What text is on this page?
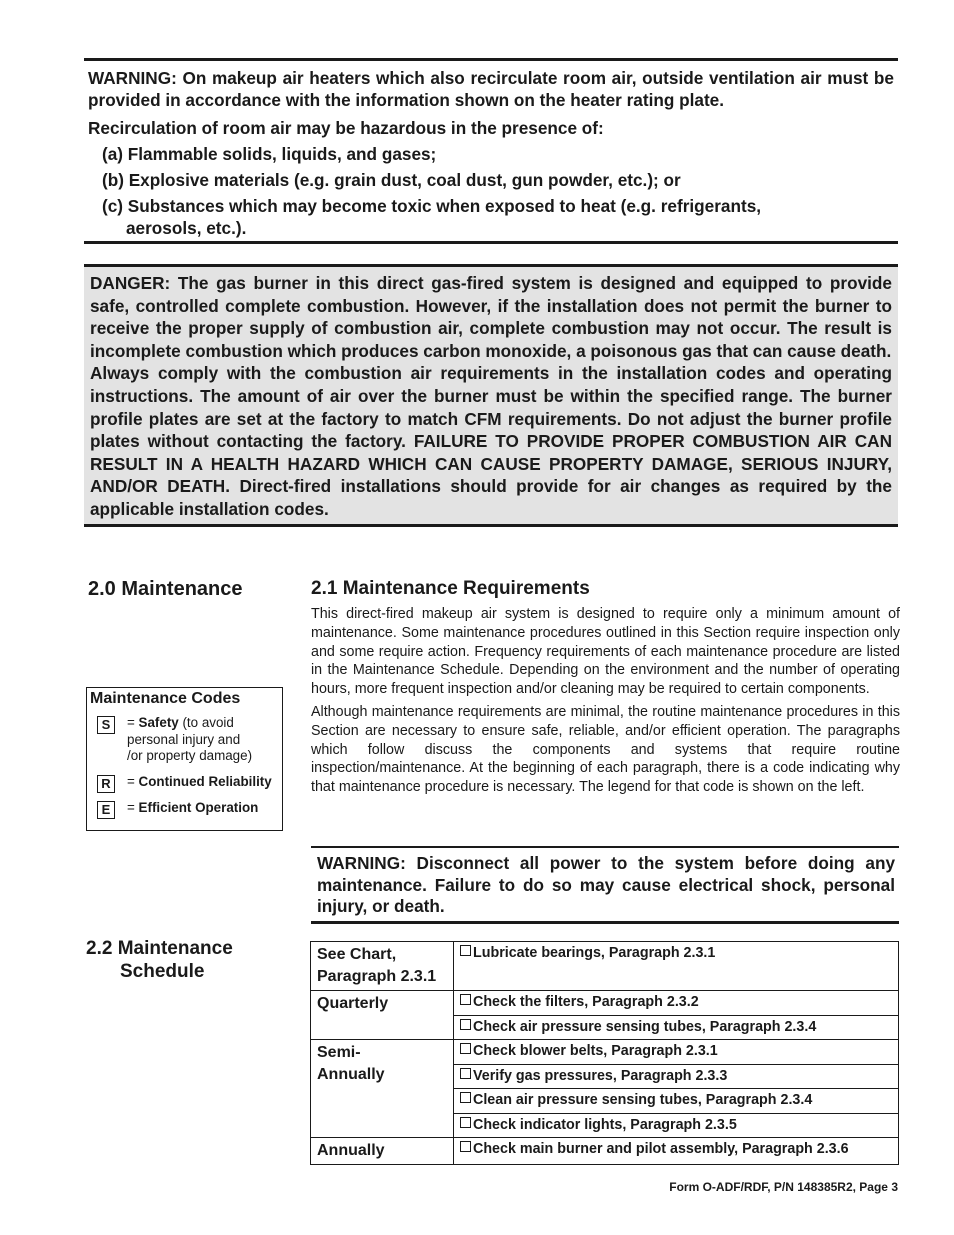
WARNING: On makeup air heaters which also recirculate room air, outside ventilation air must be provided in accordance with the information shown on the heater rating plate.
Recirculation of room air may be hazardous in the presence of:
(a) Flammable solids, liquids, and gases;
(b) Explosive materials (e.g. grain dust, coal dust, gun powder, etc.); or
(c) Substances which may become toxic when exposed to heat (e.g. refrigerants,
aerosols, etc.).
DANGER: The gas burner in this direct gas-fired system is designed and equipped to provide safe, controlled complete combustion. However, if the installation does not permit the burner to receive the proper supply of combustion air, complete combustion may not occur. The result is incomplete combustion which produces carbon monoxide, a poisonous gas that can cause death.
Always comply with the combustion air requirements in the installation codes and operating instructions. The amount of air over the burner must be within the specified range. The burner profile plates are set at the factory to match CFM requirements. Do not adjust the burner profile plates without contacting the factory. FAILURE TO PROVIDE PROPER COMBUSTION AIR CAN RESULT IN A HEALTH HAZARD WHICH CAN CAUSE PROPERTY DAMAGE, SERIOUS INJURY, AND/OR DEATH. Direct-fired installations should provide for air changes as required by the applicable installation codes.
2.0 Maintenance	2.1 Maintenance Requirements

This direct-fired makeup air system is designed to require only a minimum amount of maintenance. Some maintenance procedures outlined in this Section require inspection only and some require action. Frequency requirements of each maintenance procedure are listed in the Maintenance Schedule. Depending on the environment and the number of operating hours, more frequent inspection and/or cleaning may be required to certain components.

Although maintenance requirements are minimal, the routine maintenance procedures in this Section are necessary to ensure safe, reliable, and/or efficient operation. The paragraphs which follow discuss the components and systems that require routine inspection/maintenance. At the beginning of each paragraph, there is a code indicating why that maintenance procedure is necessary. The legend for that code is shown on the left.

Maintenance Codes
S	= Safety (to avoid
personal injury and
/or property damage)
R	= Continued Reliability
E	= Efficient Operation
WARNING: Disconnect all power to the system before doing any maintenance. Failure to do so may cause electrical shock, personal injury, or death.
2.2 Maintenance
Schedule
See Chart,
Paragraph 2.3.1	Lubricate bearings, Paragraph 2.3.1
Quarterly	Check the filters, Paragraph 2.3.2
	Check air pressure sensing tubes, Paragraph 2.3.4
Semi-
Annually	Check blower belts, Paragraph 2.3.1
	Verify gas pressures, Paragraph 2.3.3
	Clean air pressure sensing tubes, Paragraph 2.3.4
	Check indicator lights, Paragraph 2.3.5
Annually	Check main burner and pilot assembly, Paragraph 2.3.6
Form O-ADF/RDF, P/N 148385R2, Page 3
